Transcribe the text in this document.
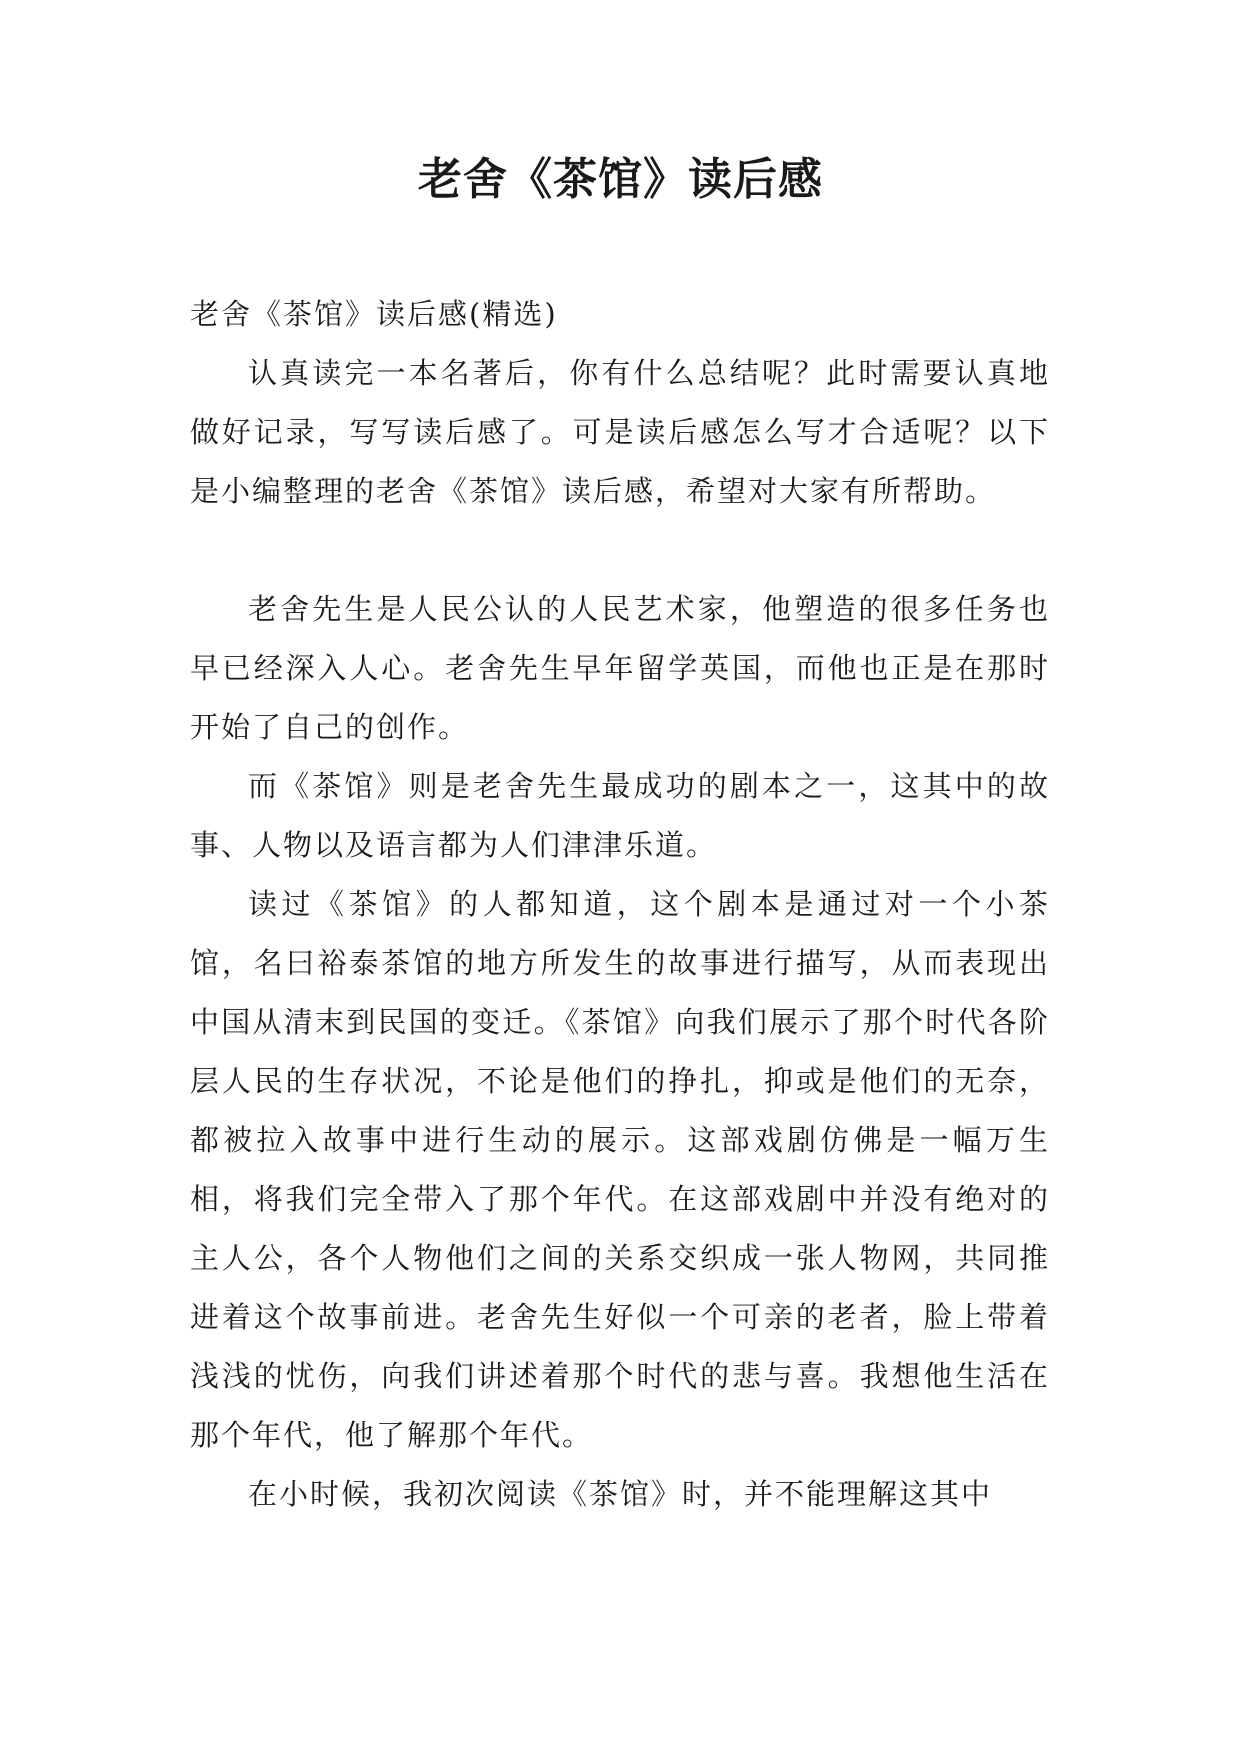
老舍《茶馆》读后感

老舍《茶馆》读后感(精选)

认真读完一本名著后，你有什么总结呢？此时需要认真地做好记录，写写读后感了。可是读后感怎么写才合适呢？以下是小编整理的老舍《茶馆》读后感，希望对大家有所帮助。

老舍先生是人民公认的人民艺术家，他塑造的很多任务也早已经深入人心。老舍先生早年留学英国，而他也正是在那时开始了自己的创作。

而《茶馆》则是老舍先生最成功的剧本之一，这其中的故事、人物以及语言都为人们津津乐道。

读过《茶馆》的人都知道，这个剧本是通过对一个小茶馆，名曰裕泰茶馆的地方所发生的故事进行描写，从而表现出中国从清末到民国的变迁。《茶馆》向我们展示了那个时代各阶层人民的生存状况，不论是他们的挣扎，抑或是他们的无奈，都被拉入故事中进行生动的展示。这部戏剧仿佛是一幅万生相，将我们完全带入了那个年代。在这部戏剧中并没有绝对的主人公，各个人物他们之间的关系交织成一张人物网，共同推进着这个故事前进。老舍先生好似一个可亲的老者，脸上带着浅浅的忧伤，向我们讲述着那个时代的悲与喜。我想他生活在那个年代，他了解那个年代。

在小时候，我初次阅读《茶馆》时，并不能理解这其中
